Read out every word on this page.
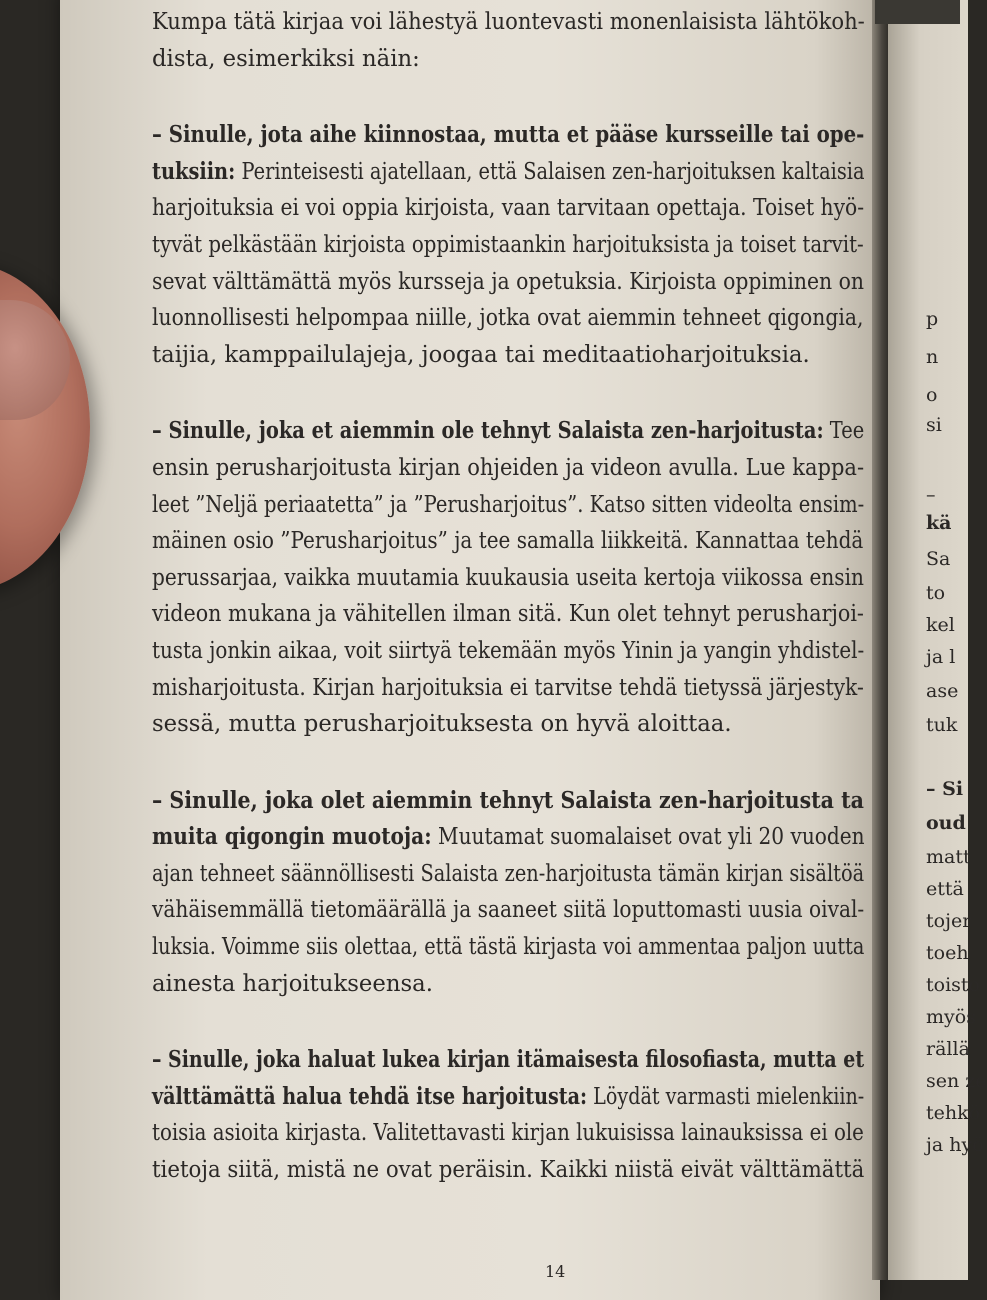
Kumpa tätä kirjaa voi lähestyä luontevasti monenlaisista lähtökoh-
dista, esimerkiksi näin:
– Sinulle, jota aihe kiinnostaa, mutta et pääse kursseille tai ope-
tuksiin: Perinteisesti ajatellaan, että Salaisen zen-harjoituksen kaltaisia
harjoituksia ei voi oppia kirjoista, vaan tarvitaan opettaja. Toiset hyö-
tyvät pelkästään kirjoista oppimistaankin harjoituksista ja toiset tarvit-
sevat välttämättä myös kursseja ja opetuksia. Kirjoista oppiminen on
luonnollisesti helpompaa niille, jotka ovat aiemmin tehneet qigongia,
taijia, kamppailulajeja, joogaa tai meditaatioharjoituksia.
– Sinulle, joka et aiemmin ole tehnyt Salaista zen-harjoitusta: Tee
ensin perusharjoitusta kirjan ohjeiden ja videon avulla. Lue kappa-
leet ”Neljä periaatetta” ja ”Perusharjoitus”. Katso sitten videolta ensim-
mäinen osio ”Perusharjoitus” ja tee samalla liikkeitä. Kannattaa tehdä
perussarjaa, vaikka muutamia kuukausia useita kertoja viikossa ensin
videon mukana ja vähitellen ilman sitä. Kun olet tehnyt perusharjoi-
tusta jonkin aikaa, voit siirtyä tekemään myös Yinin ja yangin yhdistel-
misharjoitusta. Kirjan harjoituksia ei tarvitse tehdä tietyssä järjestyk-
sessä, mutta perusharjoituksesta on hyvä aloittaa.
– Sinulle, joka olet aiemmin tehnyt Salaista zen-harjoitusta ta
muita qigongin muotoja: Muutamat suomalaiset ovat yli 20 vuoden
ajan tehneet säännöllisesti Salaista zen-harjoitusta tämän kirjan sisältöä
vähäisemmällä tietomäärällä ja saaneet siitä loputtomasti uusia oival-
luksia. Voimme siis olettaa, että tästä kirjasta voi ammentaa paljon uutta
ainesta harjoitukseensa.
– Sinulle, joka haluat lukea kirjan itämaisesta filosofiasta, mutta et
välttämättä halua tehdä itse harjoitusta: Löydät varmasti mielenkiin-
toisia asioita kirjasta. Valitettavasti kirjan lukuisissa lainauksissa ei ole
tietoja siitä, mistä ne ovat peräisin. Kaikki niistä eivät välttämättä
p
n
o
si
–
kä
Sa
to
kel
ja l
ase
tuk
– Si
oud
matt
että
tojer
toeh
toisto
myös
rällä
sen ze
tehkö
ja hyö
14
